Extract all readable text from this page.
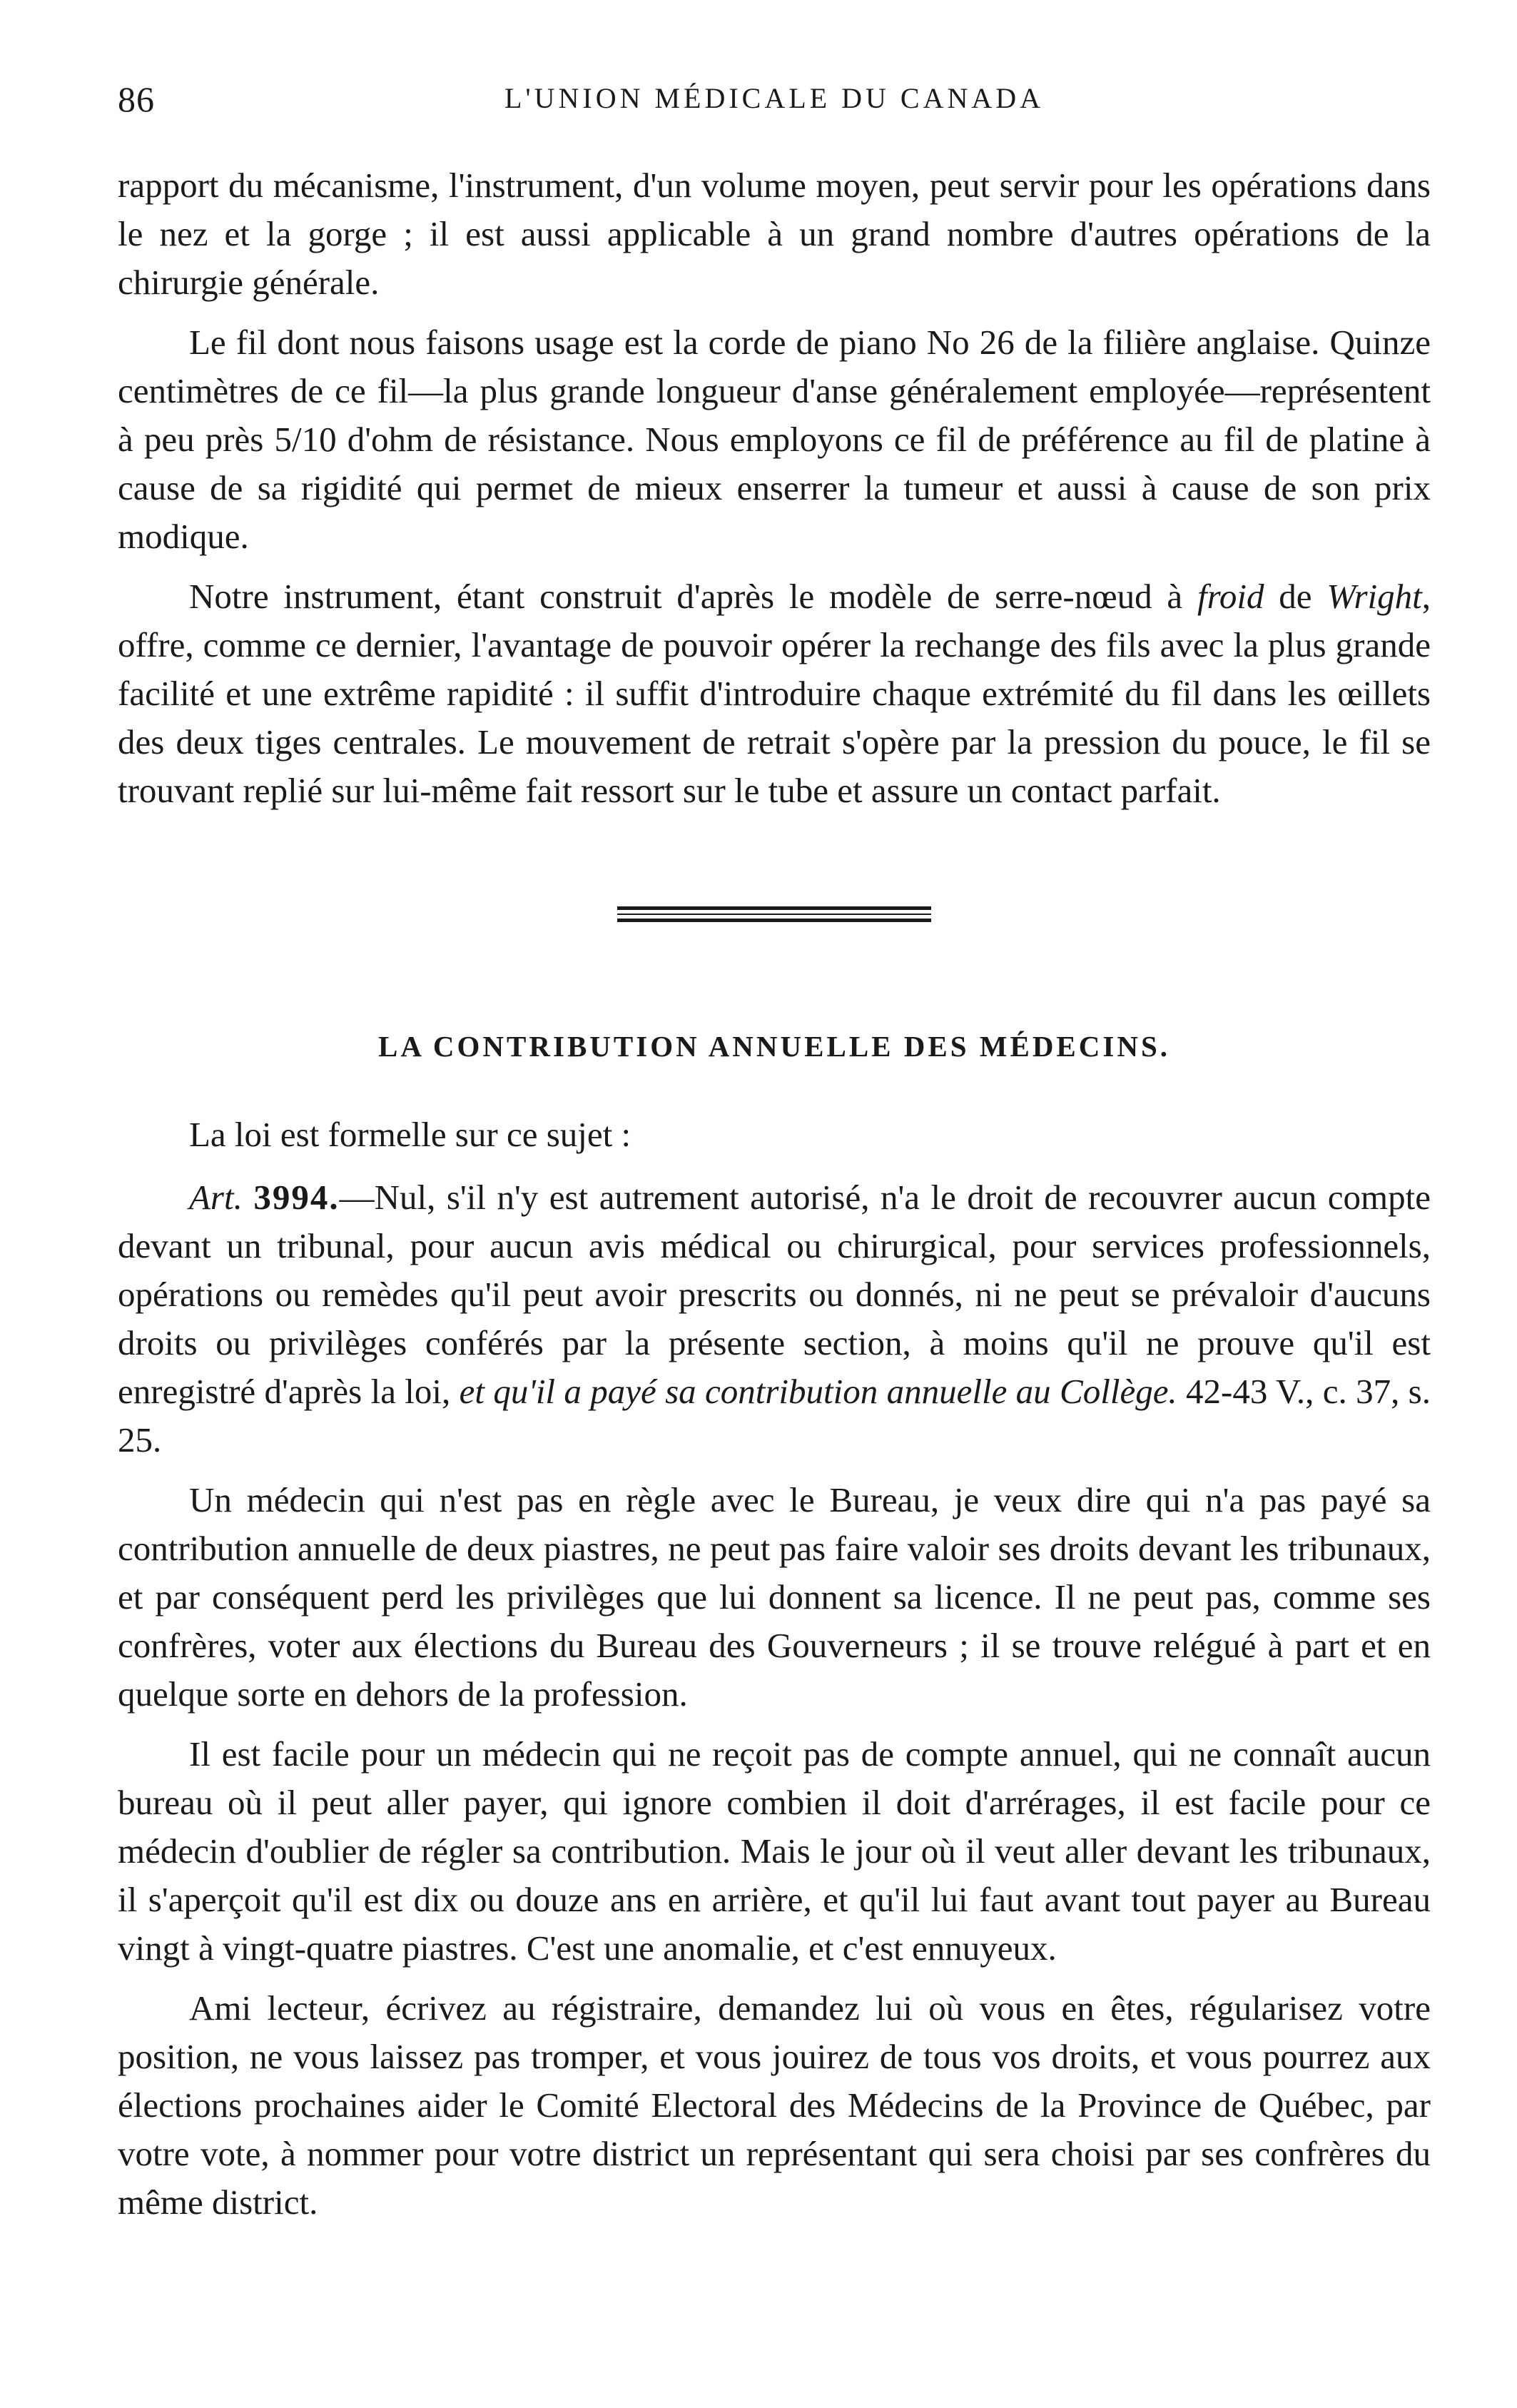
86	L'UNION MÉDICALE DU CANADA

rapport du mécanisme, l'instrument, d'un volume moyen, peut servir pour les opérations dans le nez et la gorge ; il est aussi applicable à un grand nombre d'autres opérations de la chirurgie générale.

Le fil dont nous faisons usage est la corde de piano No 26 de la filière anglaise. Quinze centimètres de ce fil—la plus grande longueur d'anse généralement employée—représentent à peu près 5/10 d'ohm de résistance. Nous employons ce fil de préférence au fil de platine à cause de sa rigidité qui permet de mieux enserrer la tumeur et aussi à cause de son prix modique.

Notre instrument, étant construit d'après le modèle de serre-nœud à froid de Wright, offre, comme ce dernier, l'avantage de pouvoir opérer la rechange des fils avec la plus grande facilité et une extrême rapidité : il suffit d'introduire chaque extrémité du fil dans les œillets des deux tiges centrales. Le mouvement de retrait s'opère par la pression du pouce, le fil se trouvant replié sur lui-même fait ressort sur le tube et assure un contact parfait.

LA CONTRIBUTION ANNUELLE DES MÉDECINS.

La loi est formelle sur ce sujet :

Art. 3994.—Nul, s'il n'y est autrement autorisé, n'a le droit de recouvrer aucun compte devant un tribunal, pour aucun avis médical ou chirurgical, pour services professionnels, opérations ou remèdes qu'il peut avoir prescrits ou donnés, ni ne peut se prévaloir d'aucuns droits ou privilèges conférés par la présente section, à moins qu'il ne prouve qu'il est enregistré d'après la loi, et qu'il a payé sa contribution annuelle au Collège. 42-43 V., c. 37, s. 25.

Un médecin qui n'est pas en règle avec le Bureau, je veux dire qui n'a pas payé sa contribution annuelle de deux piastres, ne peut pas faire valoir ses droits devant les tribunaux, et par conséquent perd les privilèges que lui donnent sa licence. Il ne peut pas, comme ses confrères, voter aux élections du Bureau des Gouverneurs ; il se trouve relégué à part et en quelque sorte en dehors de la profession.

Il est facile pour un médecin qui ne reçoit pas de compte annuel, qui ne connaît aucun bureau où il peut aller payer, qui ignore combien il doit d'arrérages, il est facile pour ce médecin d'oublier de régler sa contribution. Mais le jour où il veut aller devant les tribunaux, il s'aperçoit qu'il est dix ou douze ans en arrière, et qu'il lui faut avant tout payer au Bureau vingt à vingt-quatre piastres. C'est une anomalie, et c'est ennuyeux.

Ami lecteur, écrivez au régistraire, demandez lui où vous en êtes, régularisez votre position, ne vous laissez pas tromper, et vous jouirez de tous vos droits, et vous pourrez aux élections prochaines aider le Comité Electoral des Médecins de la Province de Québec, par votre vote, à nommer pour votre district un représentant qui sera choisi par ses confrères du même district.
